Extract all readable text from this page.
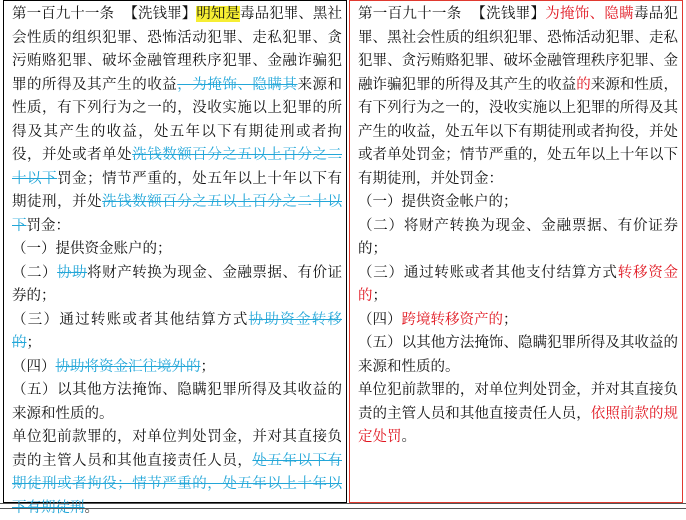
第一百九十一条 【洗钱罪】明知是毒品犯罪、黑社会性质的组织犯罪、恐怖活动犯罪、走私犯罪、贪污贿赂犯罪、破坏金融管理秩序犯罪、金融诈骗犯罪的所得及其产生的收益，为掩饰、隐瞒其来源和性质，有下列行为之一的，没收实施以上犯罪的所得及其产生的收益，处五年以下有期徒刑或者拘役，并处或者单处洗钱数额百分之五以上百分之二十以下罚金；情节严重的，处五年以上十年以下有期徒刑，并处洗钱数额百分之五以上百分之二十以下罚金：

（一）提供资金账户的；

（二）协助将财产转换为现金、金融票据、有价证券的；

（三）通过转账或者其他结算方式协助资金转移的；

（四）协助将资金汇往境外的；

（五）以其他方法掩饰、隐瞒犯罪所得及其收益的来源和性质的。

单位犯前款罪的，对单位判处罚金，并对其直接负责的主管人员和其他直接责任人员，处五年以下有期徒刑或者拘役；情节严重的，处五年以上十年以下有期徒刑。

第一百九十一条 【洗钱罪】为掩饰、隐瞒毒品犯罪、黑社会性质的组织犯罪、恐怖活动犯罪、走私犯罪、贪污贿赂犯罪、破坏金融管理秩序犯罪、金融诈骗犯罪的所得及其产生的收益的来源和性质，有下列行为之一的，没收实施以上犯罪的所得及其产生的收益，处五年以下有期徒刑或者拘役，并处或者单处罚金；情节严重的，处五年以上十年以下有期徒刑，并处罚金：

（一）提供资金帐户的；

（二）将财产转换为现金、金融票据、有价证券的；

（三）通过转账或者其他支付结算方式转移资金的；

（四）跨境转移资产的；

（五）以其他方法掩饰、隐瞒犯罪所得及其收益的来源和性质的。

单位犯前款罪的，对单位判处罚金，并对其直接负责的主管人员和其他直接责任人员，依照前款的规定处罚。
